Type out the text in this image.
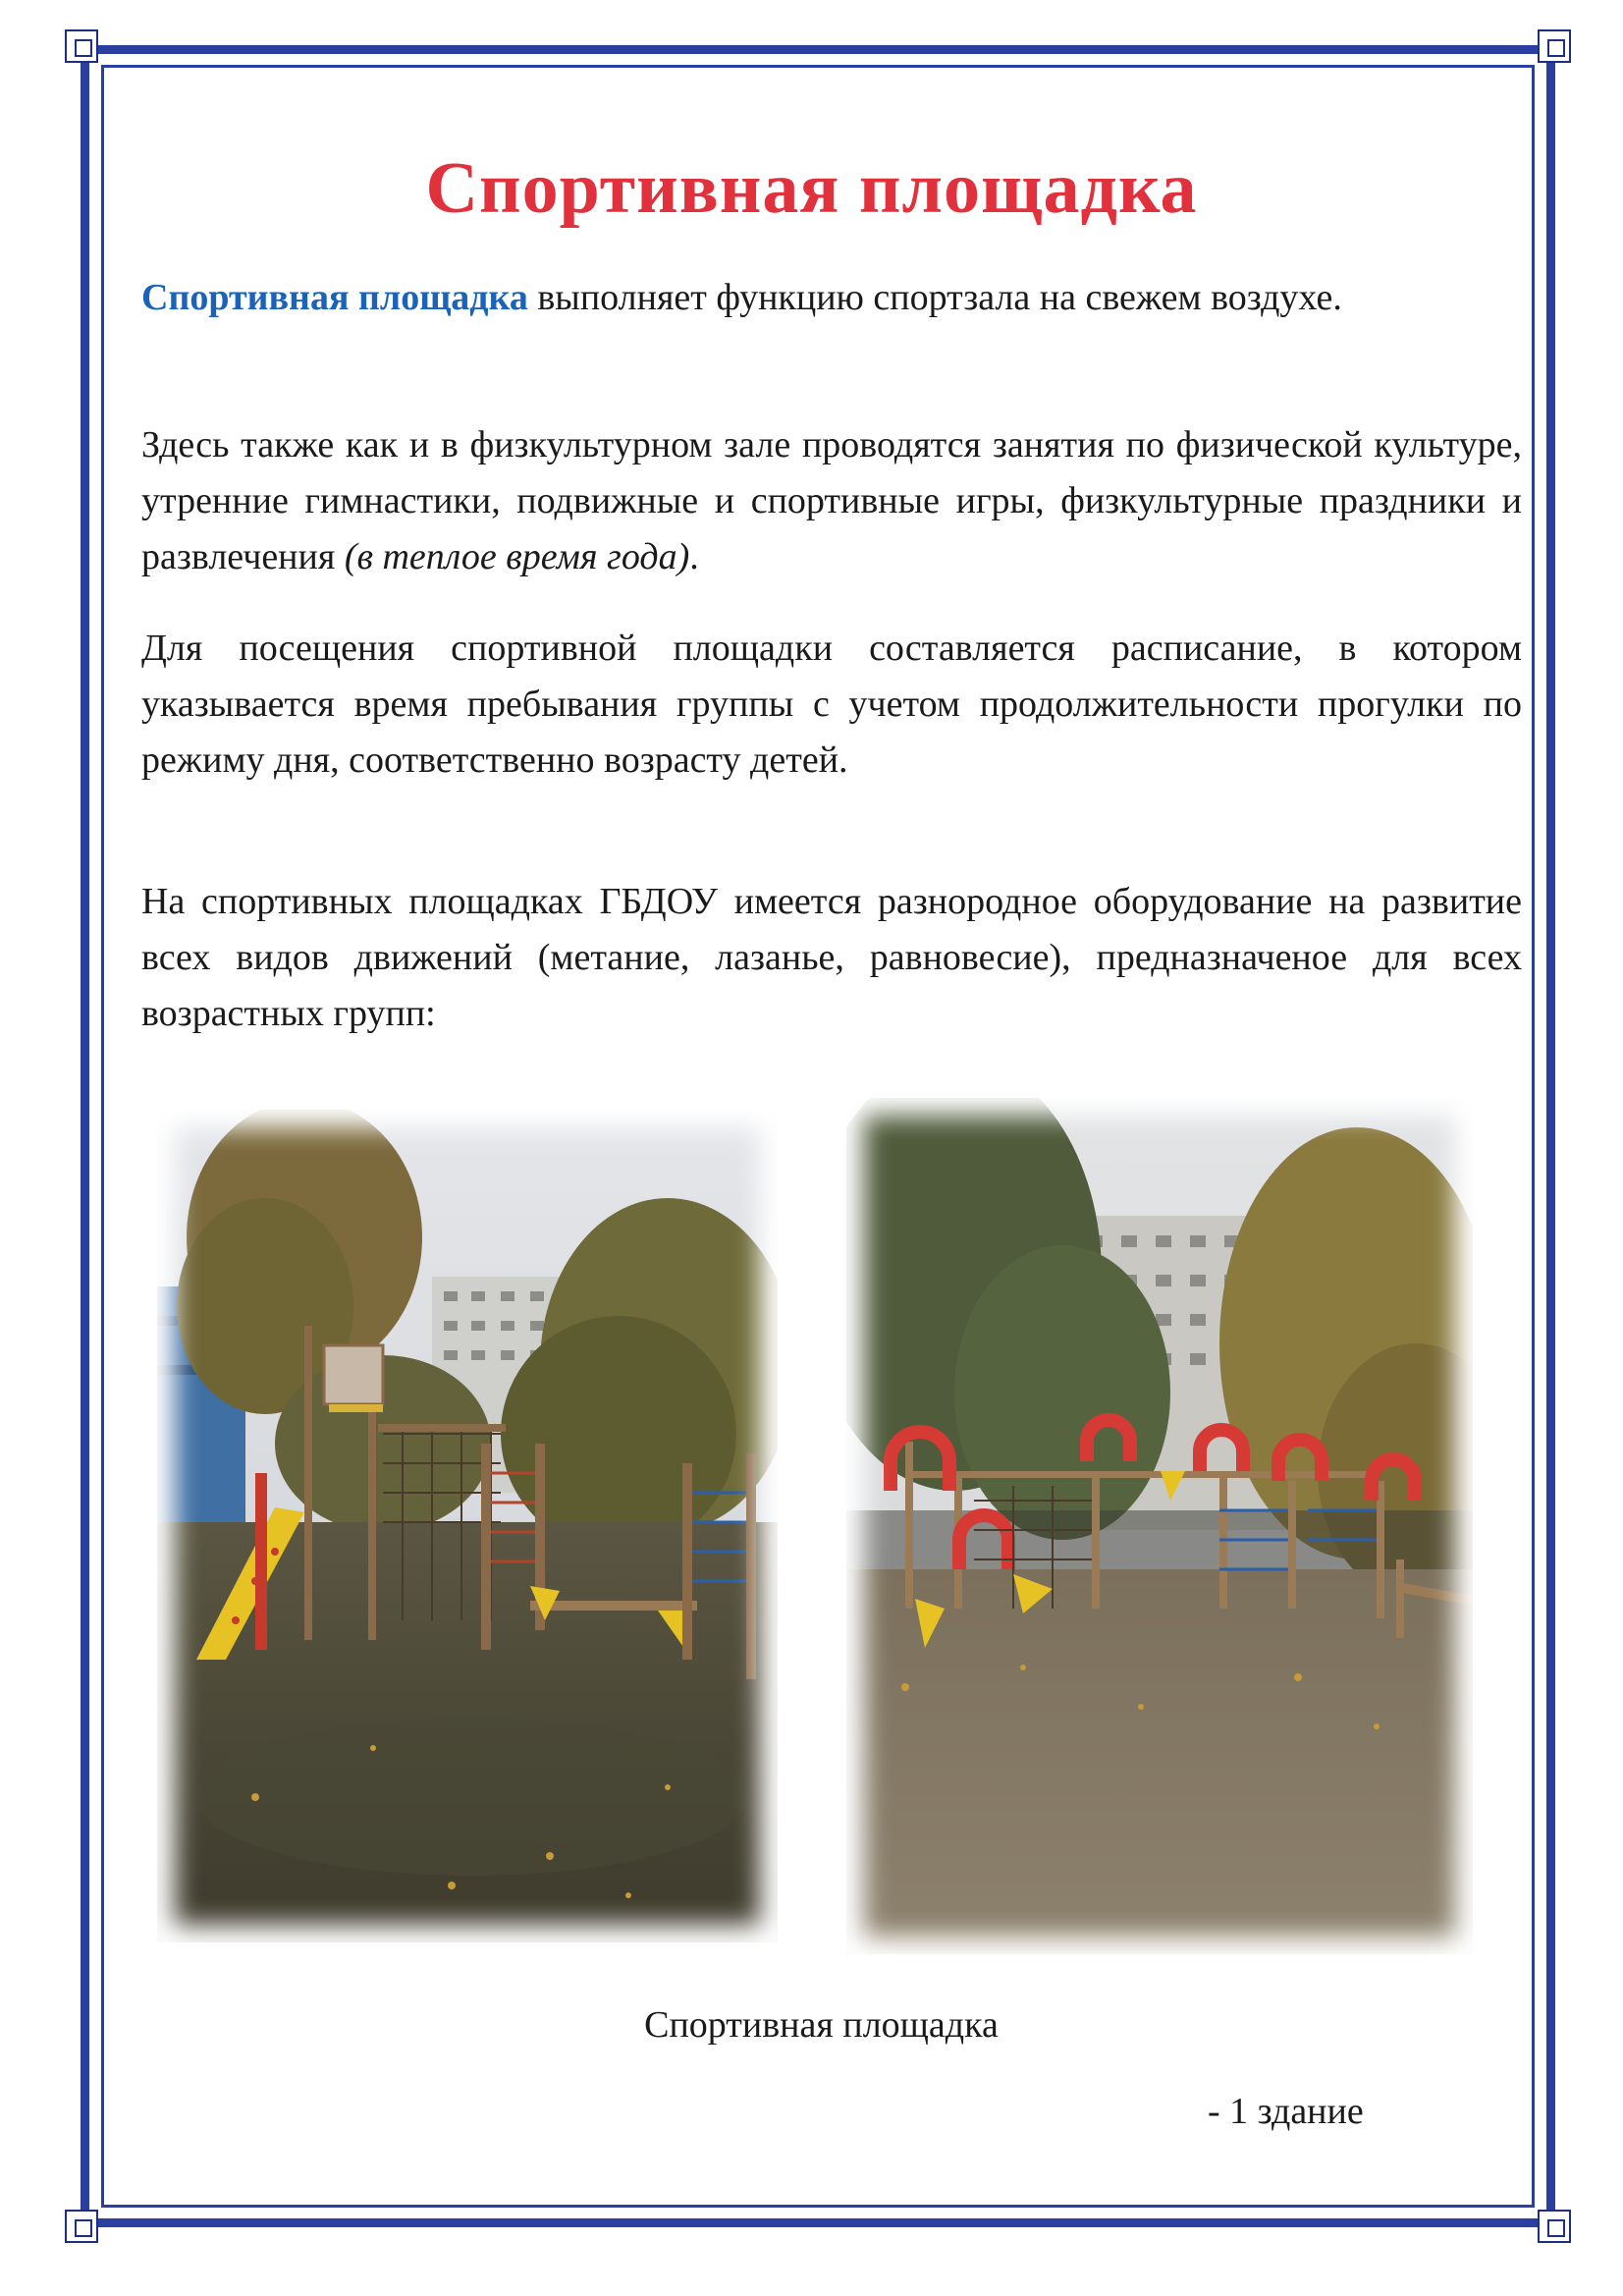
Спортивная площадка

Спортивная площадка выполняет функцию спортзала на свежем воздухе.

Здесь также как и в физкультурном зале проводятся занятия по физической культуре, утренние гимнастики, подвижные и спортивные игры, физкультурные праздники и развлечения (в теплое время года).

Для посещения спортивной площадки составляется расписание, в котором указывается время пребывания группы с учетом продолжительности прогулки по режиму дня, соответственно возрасту детей.

На спортивных площадках ГБДОУ имеется разнородное оборудование на развитие всех видов движений (метание, лазанье, равновесие), предназначеное для всех возрастных групп:

Спортивная площадка
- 1 здание
